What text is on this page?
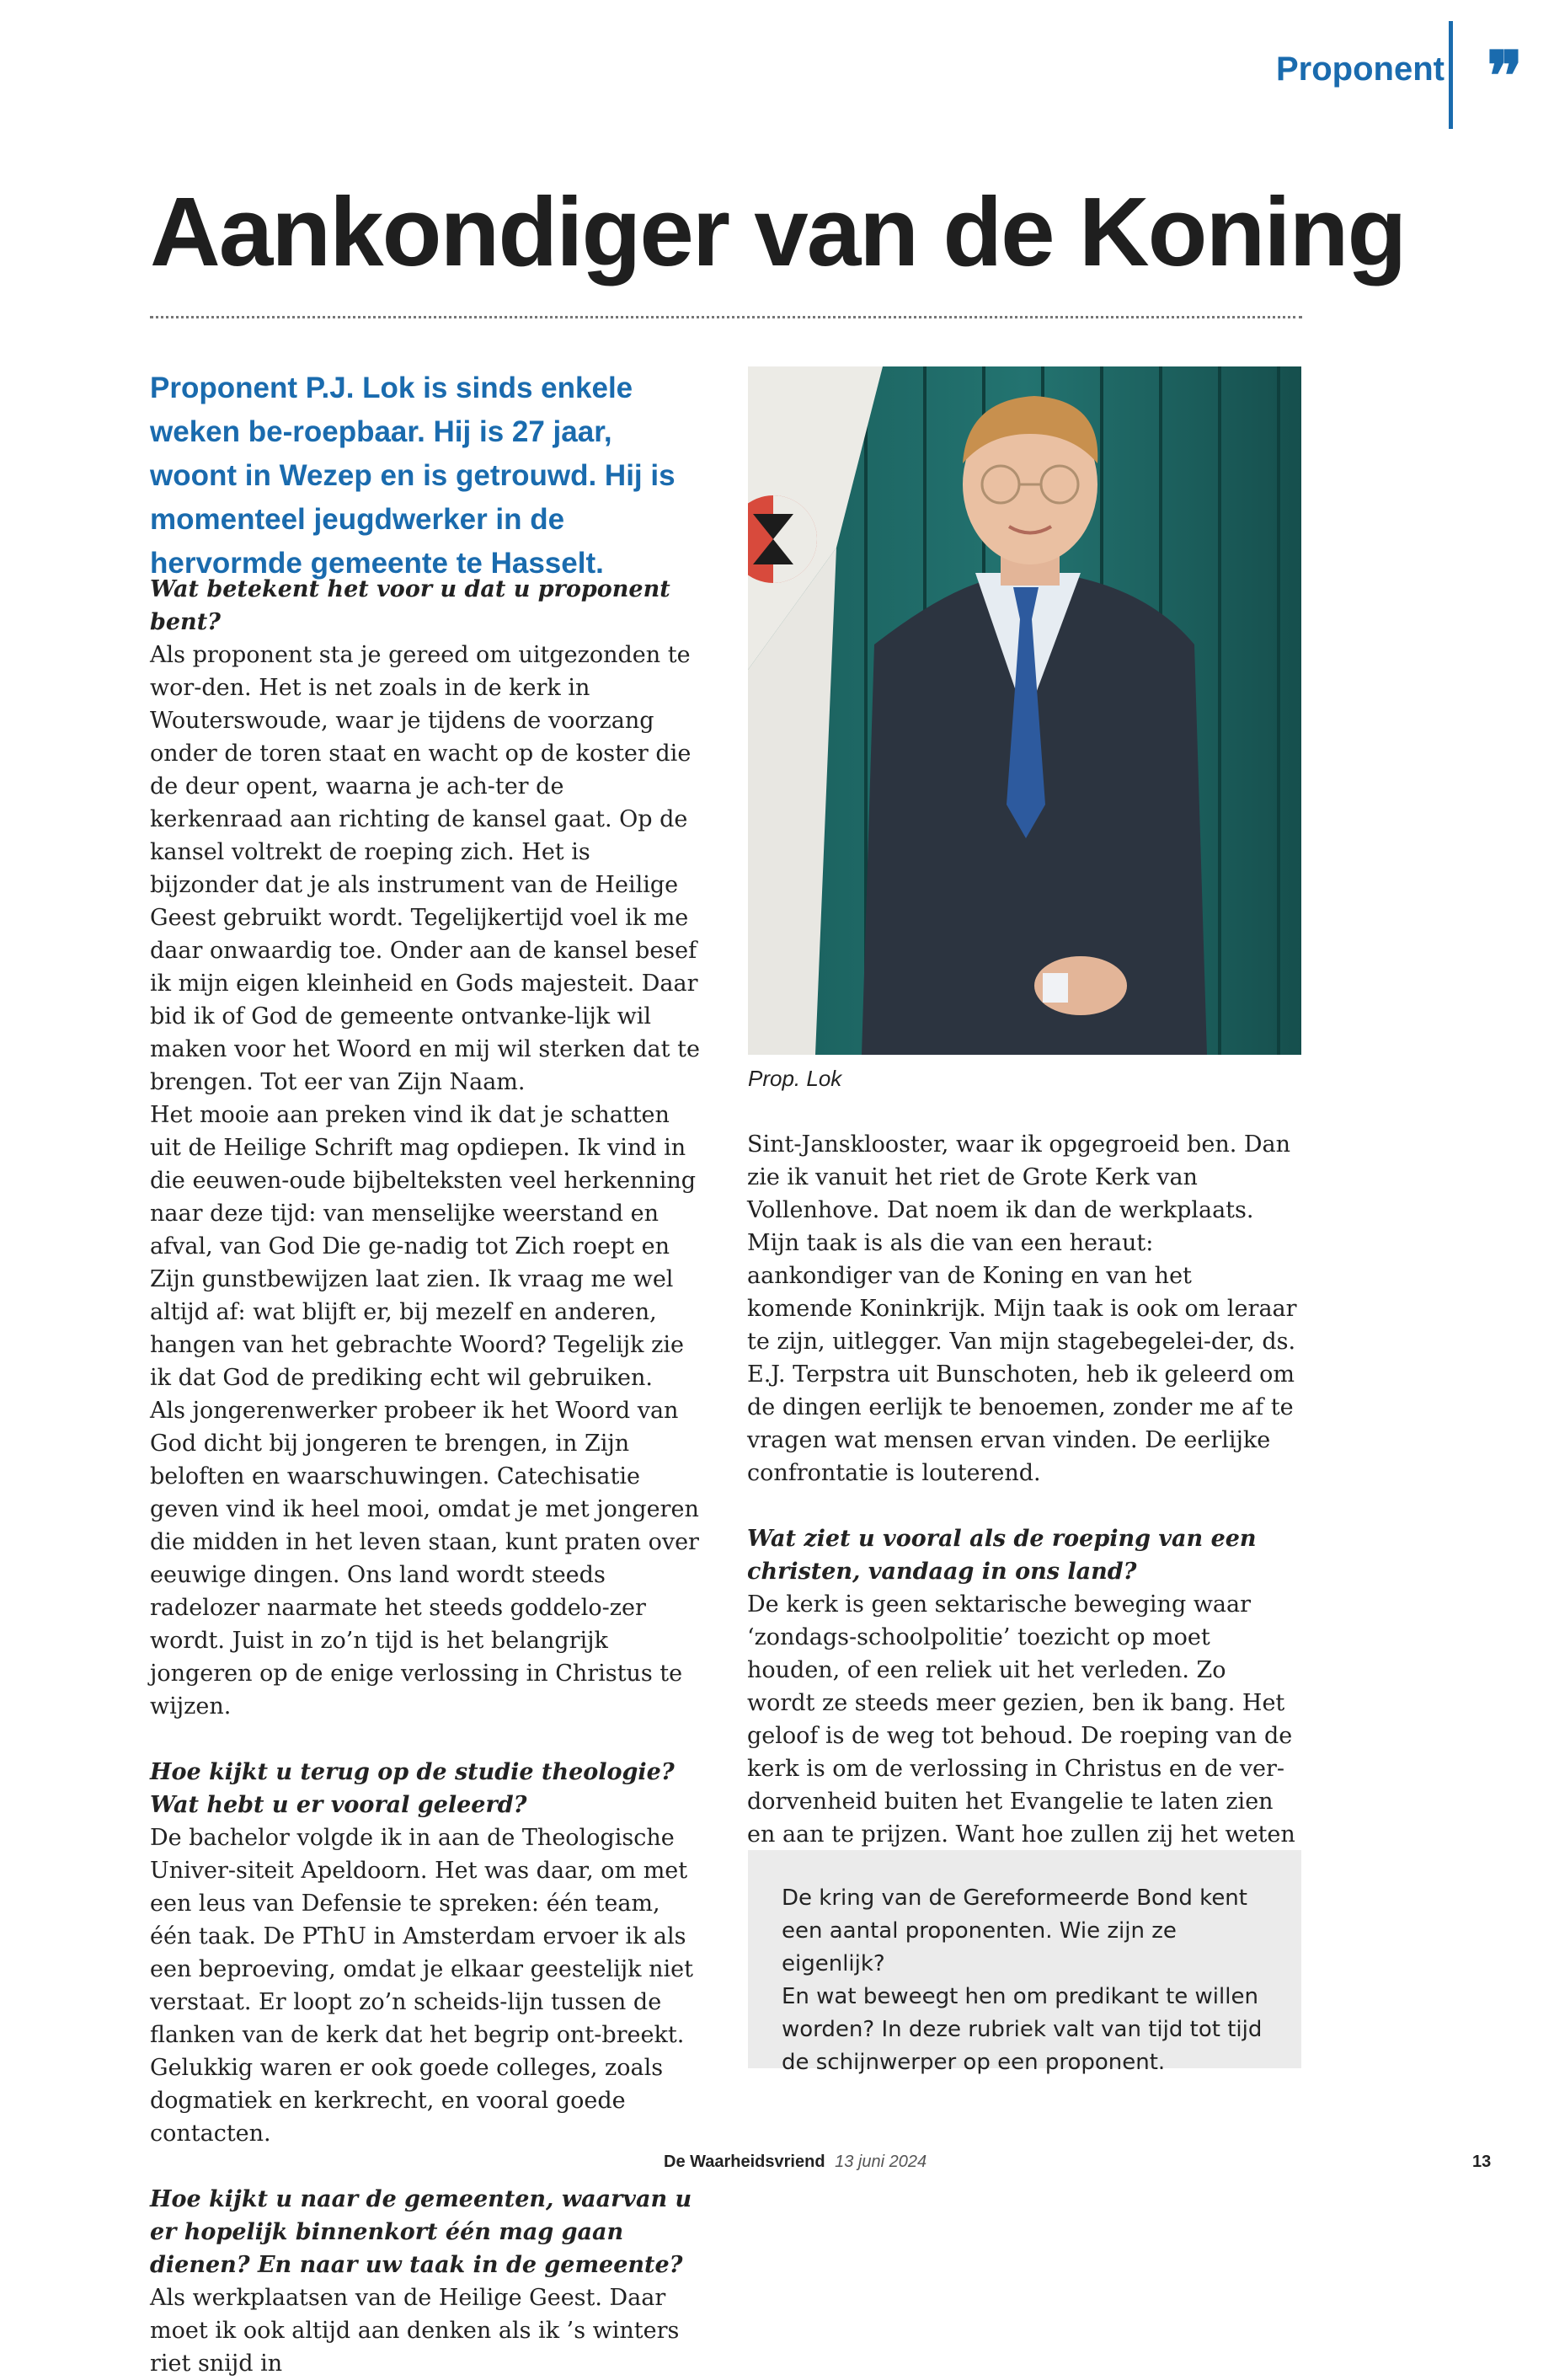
Proponent ❞
Aankondiger van de Koning

Proponent P.J. Lok is sinds enkele weken be-roepbaar. Hij is 27 jaar, woont in Wezep en is getrouwd. Hij is momenteel jeugdwerker in de hervormde gemeente te Hasselt.

Wat betekent het voor u dat u proponent bent?

Als proponent sta je gereed om uitgezonden te wor-den. Het is net zoals in de kerk in Wouterswoude, waar je tijdens de voorzang onder de toren staat en wacht op de koster die de deur opent, waarna je ach-ter de kerkenraad aan richting de kansel gaat. Op de kansel voltrekt de roeping zich. Het is bijzonder dat je als instrument van de Heilige Geest gebruikt wordt. Tegelijkertijd voel ik me daar onwaardig toe. Onder aan de kansel besef ik mijn eigen kleinheid en Gods majesteit. Daar bid ik of God de gemeente ontvanke-lijk wil maken voor het Woord en mij wil sterken dat te brengen. Tot eer van Zijn Naam.

Het mooie aan preken vind ik dat je schatten uit de Heilige Schrift mag opdiepen. Ik vind in die eeuwen-oude bijbelteksten veel herkenning naar deze tijd: van menselijke weerstand en afval, van God Die ge-nadig tot Zich roept en Zijn gunstbewijzen laat zien. Ik vraag me wel altijd af: wat blijft er, bij mezelf en anderen, hangen van het gebrachte Woord? Tegelijk zie ik dat God de prediking echt wil gebruiken.

Als jongerenwerker probeer ik het Woord van God dicht bij jongeren te brengen, in Zijn beloften en waarschuwingen. Catechisatie geven vind ik heel mooi, omdat je met jongeren die midden in het leven staan, kunt praten over eeuwige dingen. Ons land wordt steeds radelozer naarmate het steeds goddelo-zer wordt. Juist in zo’n tijd is het belangrijk jongeren op de enige verlossing in Christus te wijzen.

Hoe kijkt u terug op de studie theologie? Wat hebt u er vooral geleerd?

De bachelor volgde ik in aan de Theologische Univer-siteit Apeldoorn. Het was daar, om met een leus van Defensie te spreken: één team, één taak. De PThU in Amsterdam ervoer ik als een beproeving, omdat je elkaar geestelijk niet verstaat. Er loopt zo’n scheids-lijn tussen de flanken van de kerk dat het begrip ont-breekt. Gelukkig waren er ook goede colleges, zoals dogmatiek en kerkrecht, en vooral goede contacten.

Hoe kijkt u naar de gemeenten, waarvan u er hopelijk binnenkort één mag gaan dienen? En naar uw taak in de gemeente?

Als werkplaatsen van de Heilige Geest. Daar moet ik ook altijd aan denken als ik ’s winters riet snijd in

Prop. Lok

Sint-Jansklooster, waar ik opgegroeid ben. Dan zie ik vanuit het riet de Grote Kerk van Vollenhove. Dat noem ik dan de werkplaats.

Mijn taak is als die van een heraut: aankondiger van de Koning en van het komende Koninkrijk. Mijn taak is ook om leraar te zijn, uitlegger. Van mijn stagebegelei-der, ds. E.J. Terpstra uit Bunschoten, heb ik geleerd om de dingen eerlijk te benoemen, zonder me af te vragen wat mensen ervan vinden. De eerlijke confrontatie is louterend.

Wat ziet u vooral als de roeping van een christen, vandaag in ons land?

De kerk is geen sektarische beweging waar ‘zondags-schoolpolitie’ toezicht op moet houden, of een reliek uit het verleden. Zo wordt ze steeds meer gezien, ben ik bang. Het geloof is de weg tot behoud. De roeping van de kerk is om de verlossing in Christus en de ver-dorvenheid buiten het Evangelie te laten zien en aan te prijzen. Want hoe zullen zij het weten

De kring van de Gereformeerde Bond kent
een aantal proponenten. Wie zijn ze eigenlijk?
En wat beweegt hen om predikant te willen
worden? In deze rubriek valt van tijd tot tijd
de schijnwerper op een proponent.

De Waarheidsvriend 13 juni 2024	13
